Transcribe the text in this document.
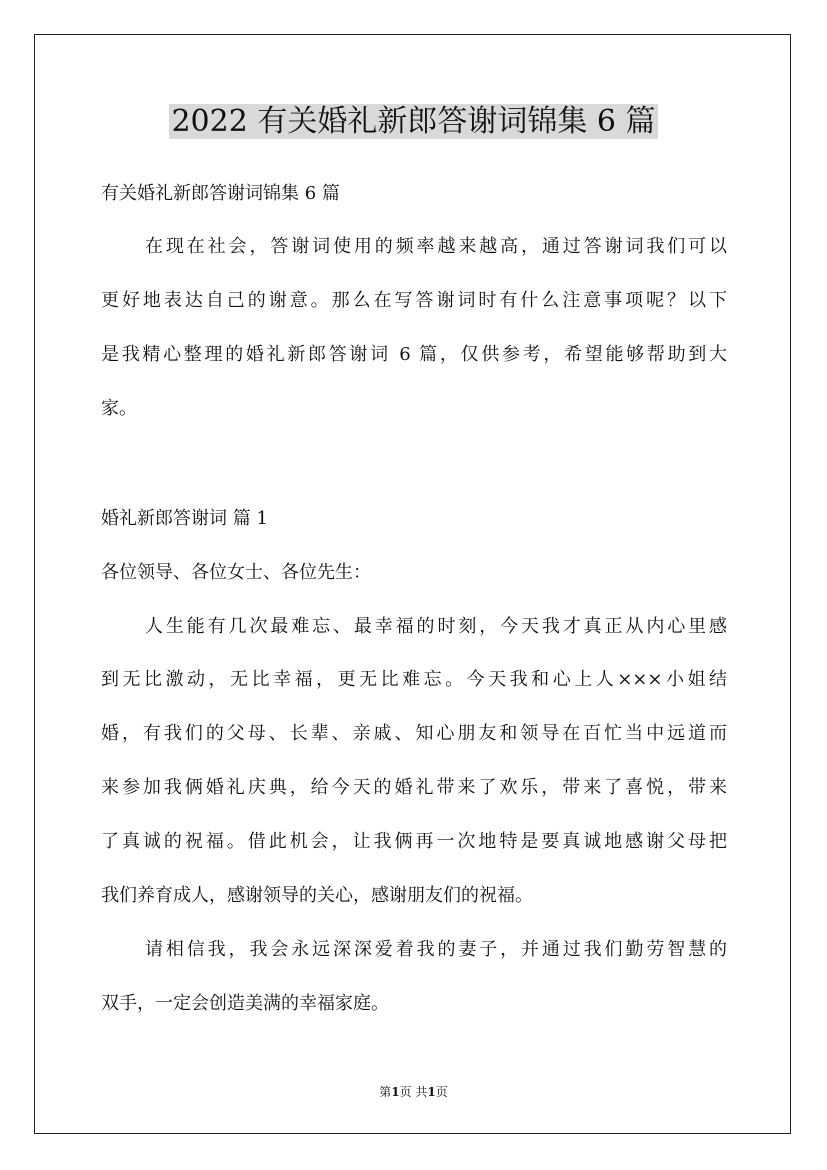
2022 有关婚礼新郎答谢词锦集 6 篇
有关婚礼新郎答谢词锦集 6 篇
在现在社会，答谢词使用的频率越来越高，通过答谢词我们可以
更好地表达自己的谢意。那么在写答谢词时有什么注意事项呢？以下
是我精心整理的婚礼新郎答谢词 6 篇，仅供参考，希望能够帮助到大
家。
婚礼新郎答谢词 篇 1
各位领导、各位女士、各位先生：
人生能有几次最难忘、最幸福的时刻，今天我才真正从内心里感
到无比激动，无比幸福，更无比难忘。今天我和心上人×××小姐结
婚，有我们的父母、长辈、亲戚、知心朋友和领导在百忙当中远道而
来参加我俩婚礼庆典，给今天的婚礼带来了欢乐，带来了喜悦，带来
了真诚的祝福。借此机会，让我俩再一次地特是要真诚地感谢父母把
我们养育成人，感谢领导的关心，感谢朋友们的祝福。
请相信我，我会永远深深爱着我的妻子，并通过我们勤劳智慧的
双手，一定会创造美满的幸福家庭。
第1页 共1页
